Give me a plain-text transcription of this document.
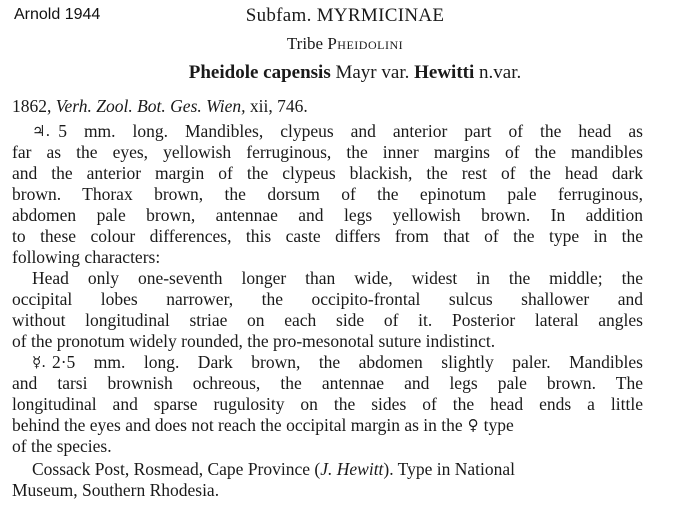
Arnold 1944	Subfam. MYRMICINAE
Tribe Pheidolini
Pheidole capensis Mayr var. Hewitti n.var.
1862, Verh. Zool. Bot. Ges. Wien, xii, 746.
♃. 5 mm. long. Mandibles, clypeus and anterior part of the head as
far as the eyes, yellowish ferruginous, the inner margins of the mandibles
and the anterior margin of the clypeus blackish, the rest of the head dark
brown. Thorax brown, the dorsum of the epinotum pale ferruginous,
abdomen pale brown, antennae and legs yellowish brown. In addition
to these colour differences, this caste differs from that of the type in the
following characters:
Head only one-seventh longer than wide, widest in the middle; the
occipital lobes narrower, the occipito-frontal sulcus shallower and
without longitudinal striae on each side of it. Posterior lateral angles
of the pronotum widely rounded, the pro-mesonotal suture indistinct.
☿. 2·5 mm. long. Dark brown, the abdomen slightly paler. Mandibles
and tarsi brownish ochreous, the antennae and legs pale brown. The
longitudinal and sparse rugulosity on the sides of the head ends a little
behind the eyes and does not reach the occipital margin as in the ♀ type
of the species.
Cossack Post, Rosmead, Cape Province (J. Hewitt). Type in National
Museum, Southern Rhodesia.
